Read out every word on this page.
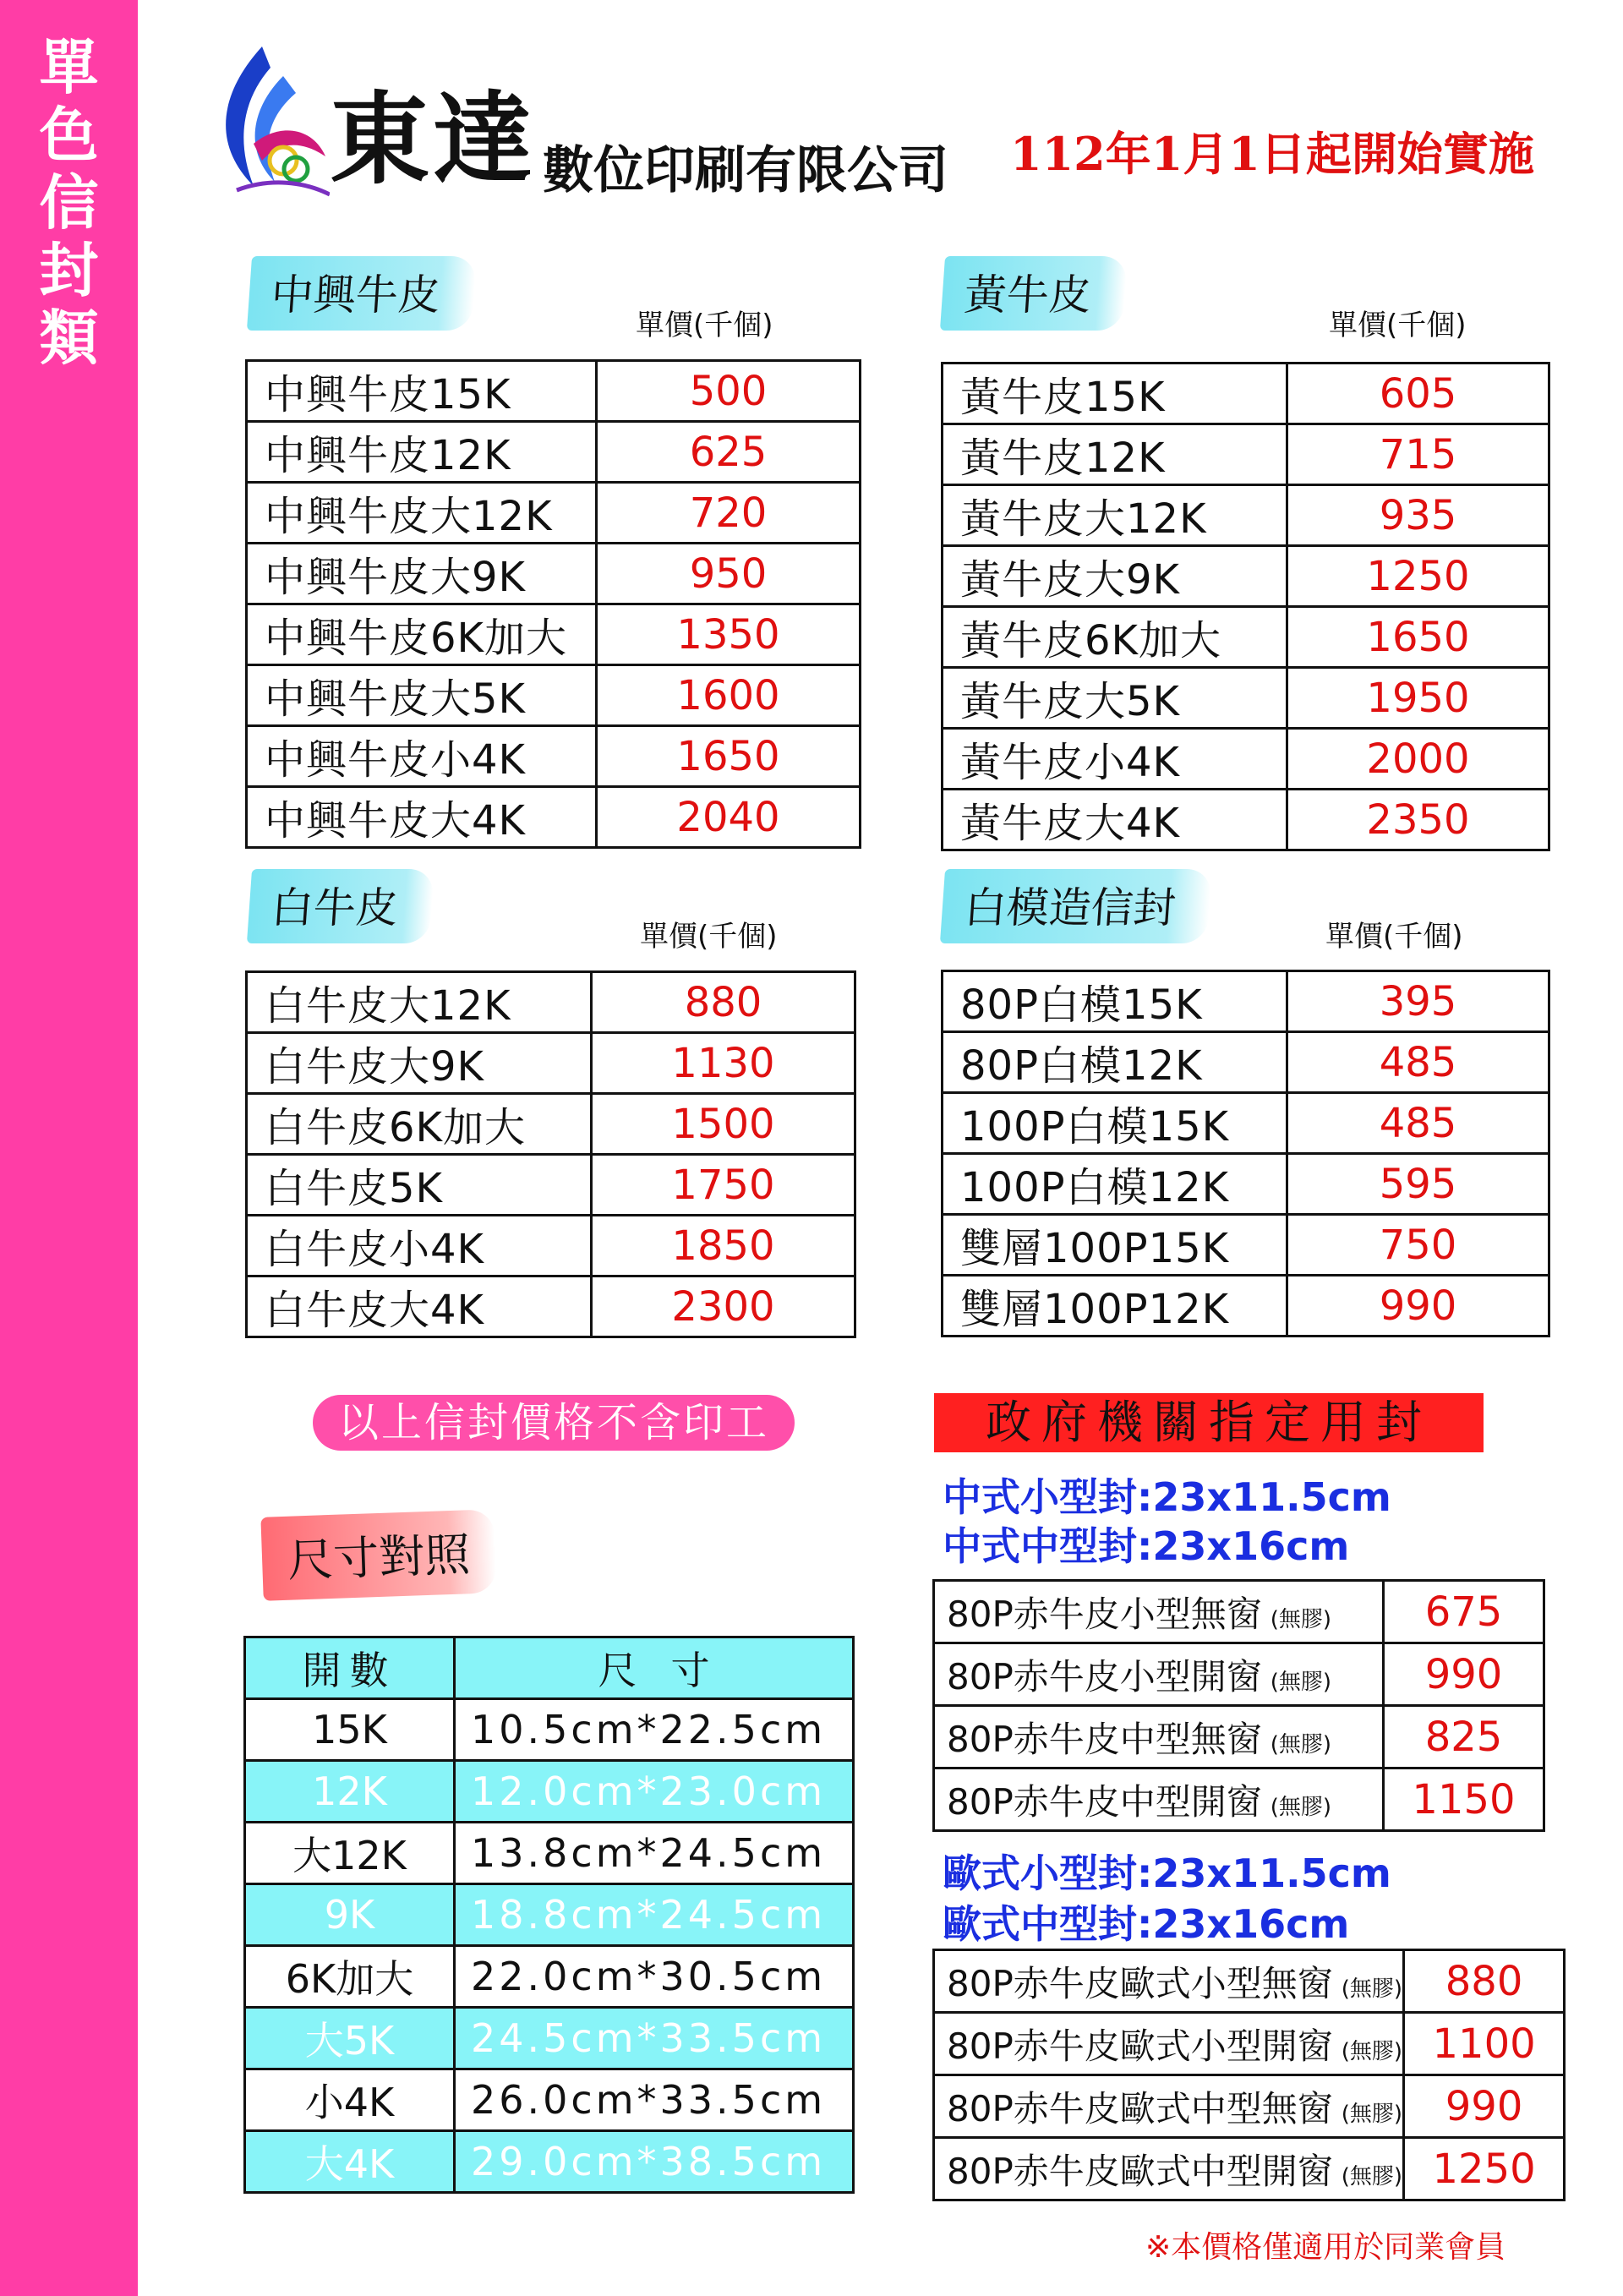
單
色
信
封
類
東達 數位印刷有限公司 112年1月1日起開始實施
中興牛皮
單價(千個)
中興牛皮15K	500
中興牛皮12K	625
中興牛皮大12K	720
中興牛皮大9K	950
中興牛皮6K加大	1350
中興牛皮大5K	1600
中興牛皮小4K	1650
中興牛皮大4K	2040
黃牛皮
單價(千個)
黃牛皮15K	605
黃牛皮12K	715
黃牛皮大12K	935
黃牛皮大9K	1250
黃牛皮6K加大	1650
黃牛皮大5K	1950
黃牛皮小4K	2000
黃牛皮大4K	2350
白牛皮
單價(千個)
白牛皮大12K	880
白牛皮大9K	1130
白牛皮6K加大	1500
白牛皮5K	1750
白牛皮小4K	1850
白牛皮大4K	2300
白模造信封
單價(千個)
80P白模15K	395
80P白模12K	485
100P白模15K	485
100P白模12K	595
雙層100P15K	750
雙層100P12K	990
以上信封價格不含印工
尺寸對照
開數	尺寸
15K	10.5cm*22.5cm
12K	12.0cm*23.0cm
大12K	13.8cm*24.5cm
9K	18.8cm*24.5cm
6K加大	22.0cm*30.5cm
大5K	24.5cm*33.5cm
小4K	26.0cm*33.5cm
大4K	29.0cm*38.5cm
政府機關指定用封
中式小型封:23x11.5cm
中式中型封:23x16cm
80P赤牛皮小型無窗 (無膠)	675
80P赤牛皮小型開窗 (無膠)	990
80P赤牛皮中型無窗 (無膠)	825
80P赤牛皮中型開窗 (無膠)	1150
歐式小型封:23x11.5cm
歐式中型封:23x16cm
80P赤牛皮歐式小型無窗 (無膠)	880
80P赤牛皮歐式小型開窗 (無膠)	1100
80P赤牛皮歐式中型無窗 (無膠)	990
80P赤牛皮歐式中型開窗 (無膠)	1250
※本價格僅適用於同業會員
